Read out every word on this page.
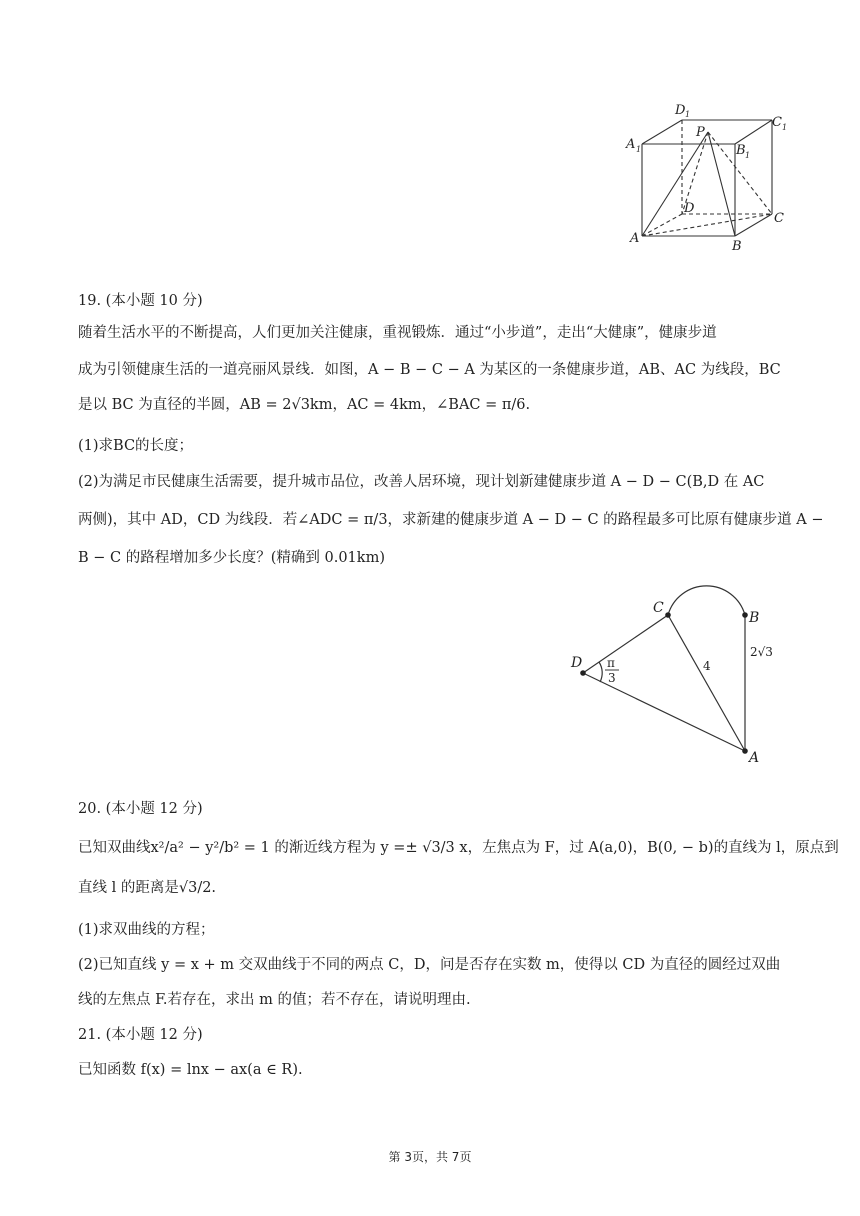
D 1
C 1
A 1
P
B 1
D
C
A
B
19. (本小题 10 分)
随着生活水平的不断提高，人们更加关注健康，重视锻炼．通过“小步道”，走出“大健康”，健康步道
成为引领健康生活的一道亮丽风景线．如图，A − B − C − A 为某区的一条健康步道，AB、AC 为线段，BC
是以 BC 为直径的半圆，AB = 2√3km，AC = 4km，∠BAC = π/6.
(1)求BC的长度；
(2)为满足市民健康生活需要，提升城市品位，改善人居环境，现计划新建健康步道 A − D − C(B,D 在 AC
两侧)，其中 AD，CD 为线段．若∠ADC = π/3，求新建的健康步道 A − D − C 的路程最多可比原有健康步道 A −
B − C 的路程增加多少长度？(精确到 0.01km)
C
B
D
A
π
3
4
2√3
20. (本小题 12 分)
已知双曲线x²/a² − y²/b² = 1 的渐近线方程为 y =± √3/3 x，左焦点为 F，过 A(a,0)，B(0, − b)的直线为 l，原点到
直线 l 的距离是√3/2.
(1)求双曲线的方程；
(2)已知直线 y = x + m 交双曲线于不同的两点 C，D，问是否存在实数 m，使得以 CD 为直径的圆经过双曲
线的左焦点 F.若存在，求出 m 的值；若不存在，请说明理由.
21. (本小题 12 分)
已知函数 f(x) = lnx − ax(a ∈ R).
第 3页，共 7页
